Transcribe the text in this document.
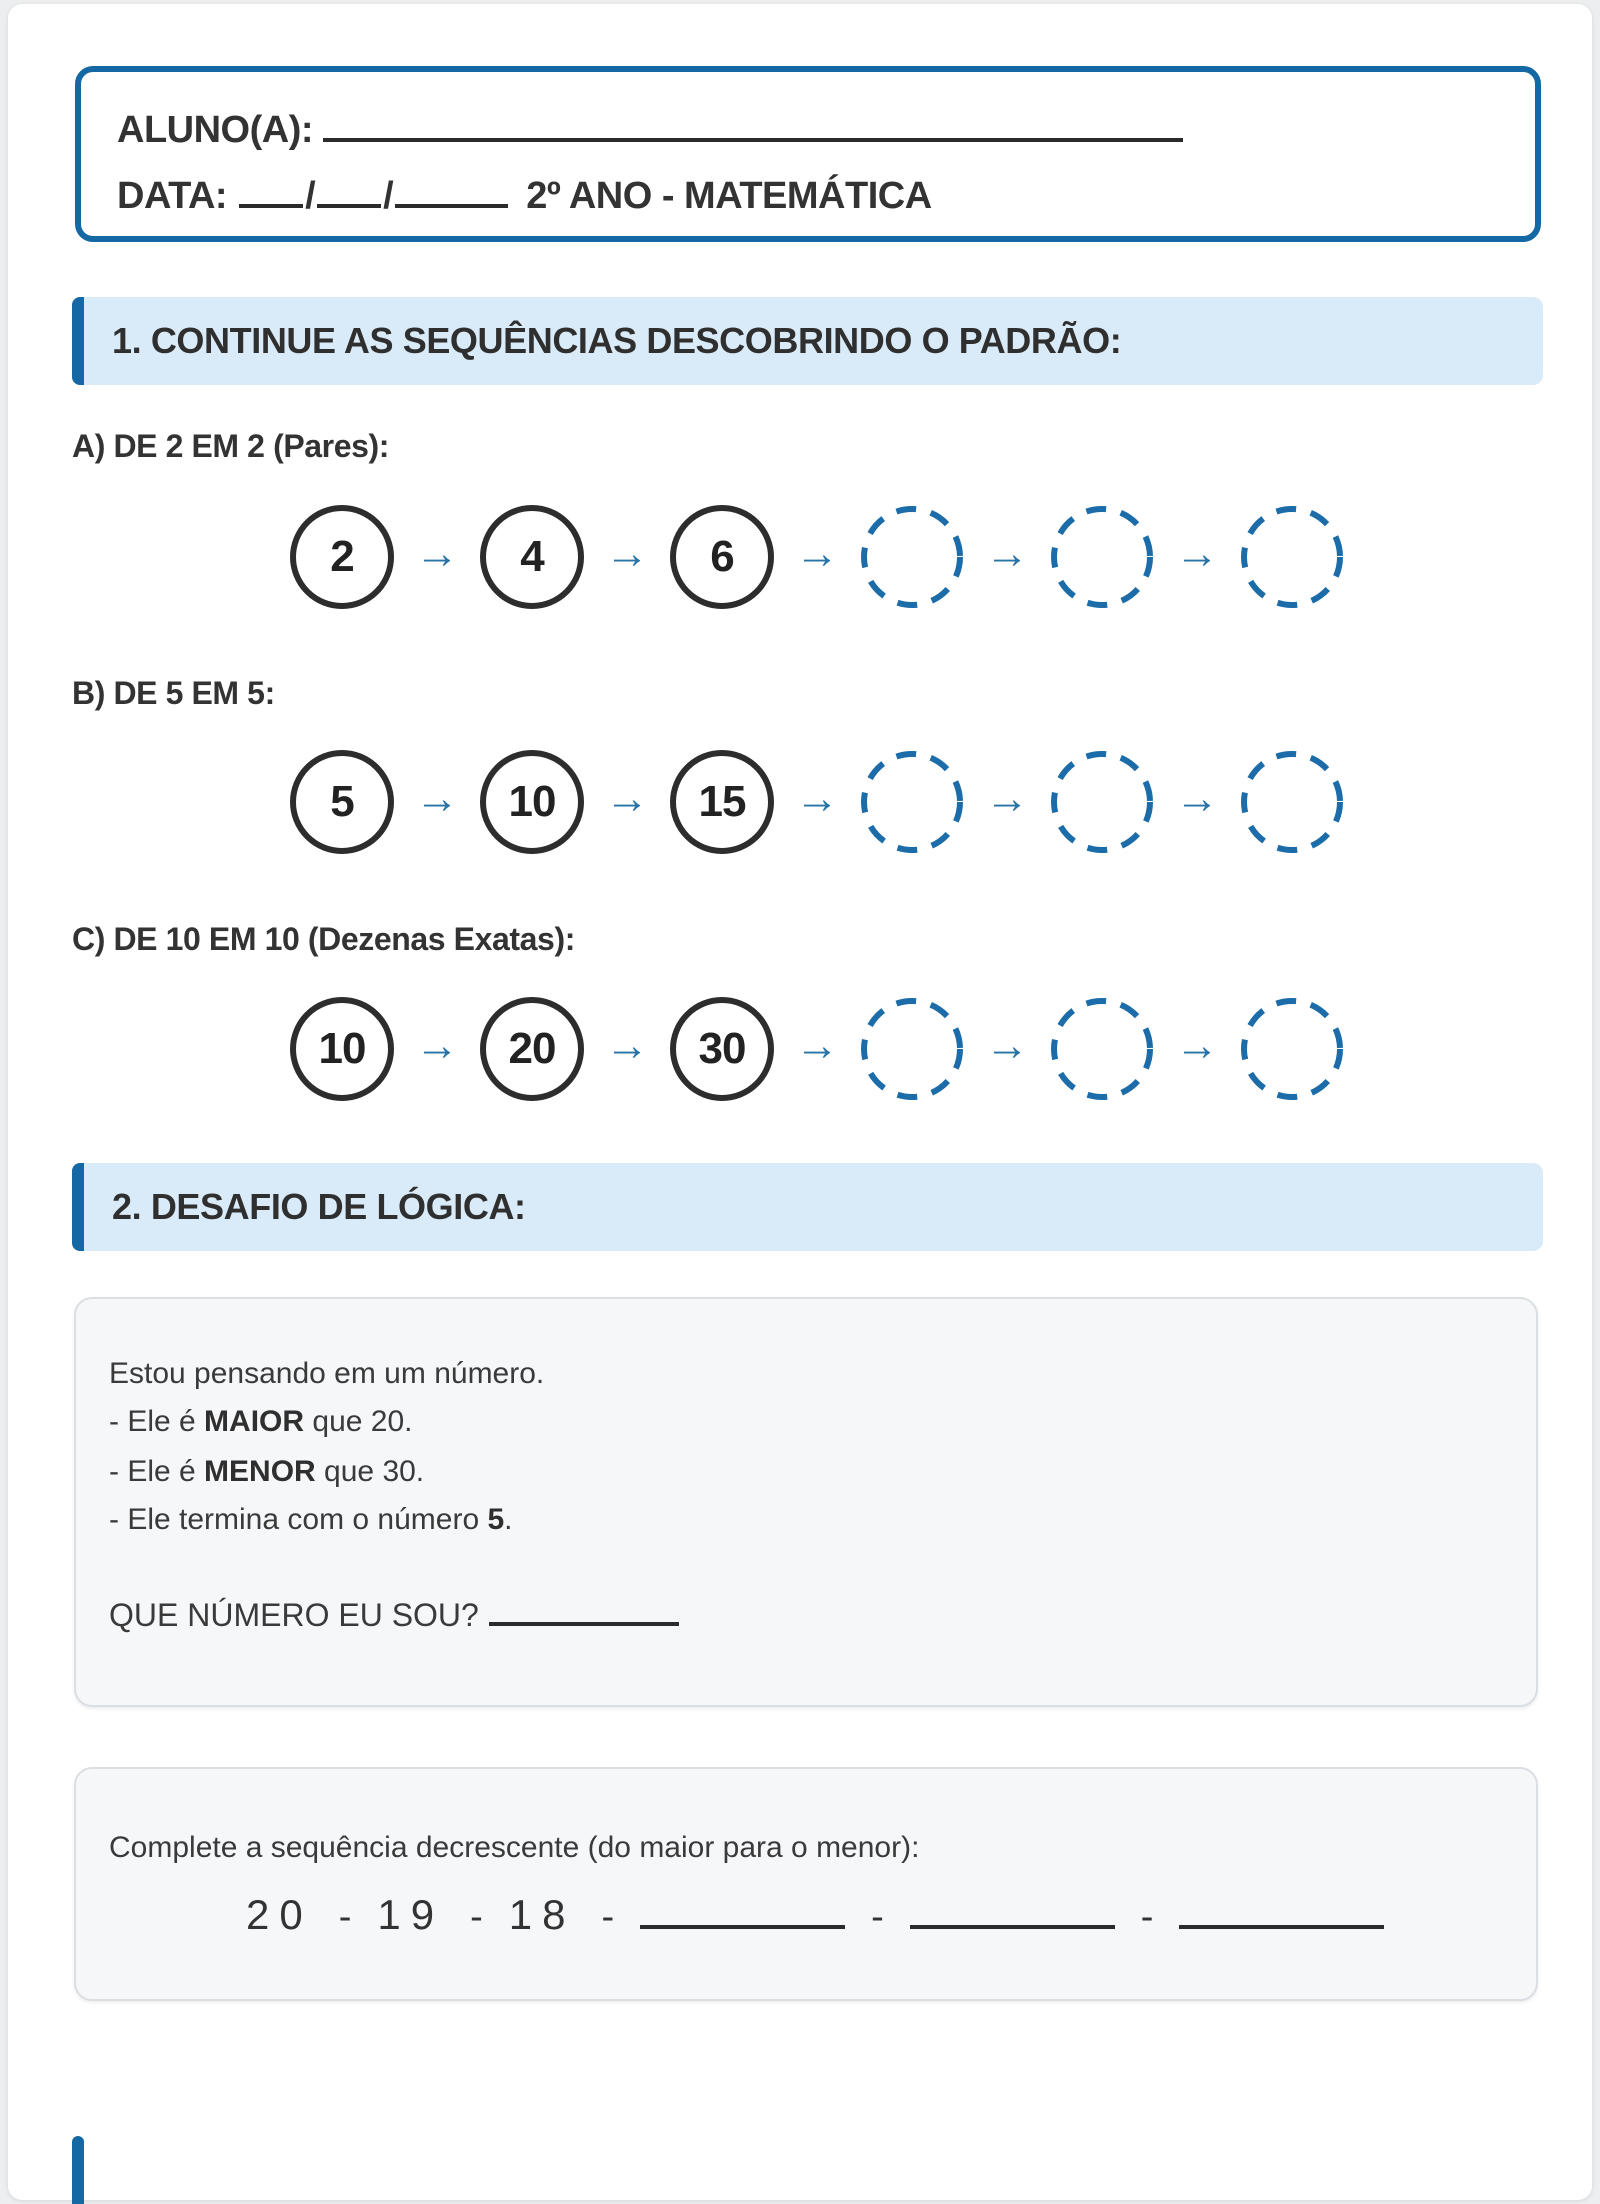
ALUNO(A):
DATA: / /	2º ANO - MATEMÁTICA
1. CONTINUE AS SEQUÊNCIAS DESCOBRINDO O PADRÃO:
A) DE 2 EM 2 (Pares):
2	→	4	→	6	→	→	→
B) DE 5 EM 5:
5	→	10	→	15	→	→	→
C) DE 10 EM 10 (Dezenas Exatas):
10	→	20	→	30	→	→	→
2. DESAFIO DE LÓGICA:
Estou pensando em um número.
- Ele é MAIOR que 20.
- Ele é MENOR que 30.
- Ele termina com o número 5.
QUE NÚMERO EU SOU?
Complete a sequência decrescente (do maior para o menor):
20 - 19 - 18 -	-	-
